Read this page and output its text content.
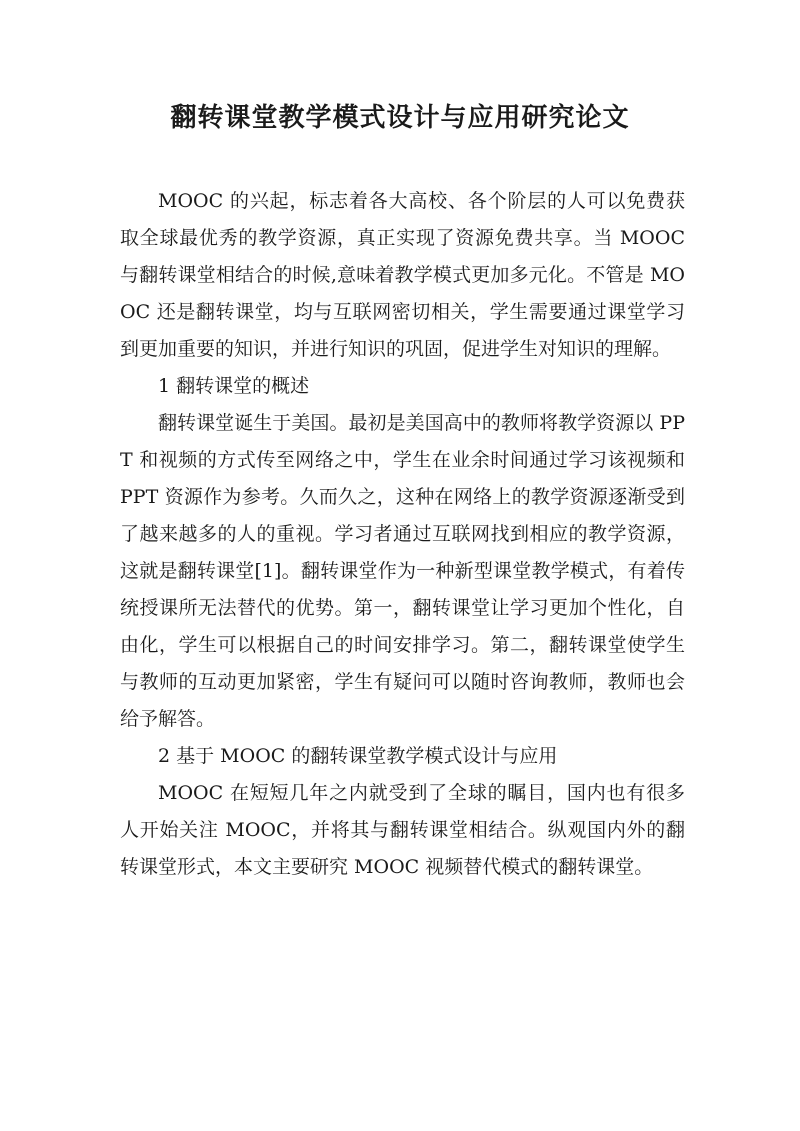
翻转课堂教学模式设计与应用研究论文

MOOC 的兴起，标志着各大高校、各个阶层的人可以免费获取全球最优秀的教学资源，真正实现了资源免费共享。当 MOOC与翻转课堂相结合的时候,意味着教学模式更加多元化。不管是 MOOC 还是翻转课堂，均与互联网密切相关，学生需要通过课堂学习到更加重要的知识，并进行知识的巩固，促进学生对知识的理解。

1 翻转课堂的概述

翻转课堂诞生于美国。最初是美国高中的教师将教学资源以 PPT 和视频的方式传至网络之中，学生在业余时间通过学习该视频和 PPT 资源作为参考。久而久之，这种在网络上的教学资源逐渐受到了越来越多的人的重视。学习者通过互联网找到相应的教学资源，这就是翻转课堂[1]。翻转课堂作为一种新型课堂教学模式，有着传统授课所无法替代的优势。第一，翻转课堂让学习更加个性化，自由化，学生可以根据自己的时间安排学习。第二，翻转课堂使学生与教师的互动更加紧密，学生有疑问可以随时咨询教师，教师也会给予解答。

2 基于 MOOC 的翻转课堂教学模式设计与应用

MOOC 在短短几年之内就受到了全球的瞩目，国内也有很多人开始关注 MOOC，并将其与翻转课堂相结合。纵观国内外的翻转课堂形式，本文主要研究 MOOC 视频替代模式的翻转课堂。
